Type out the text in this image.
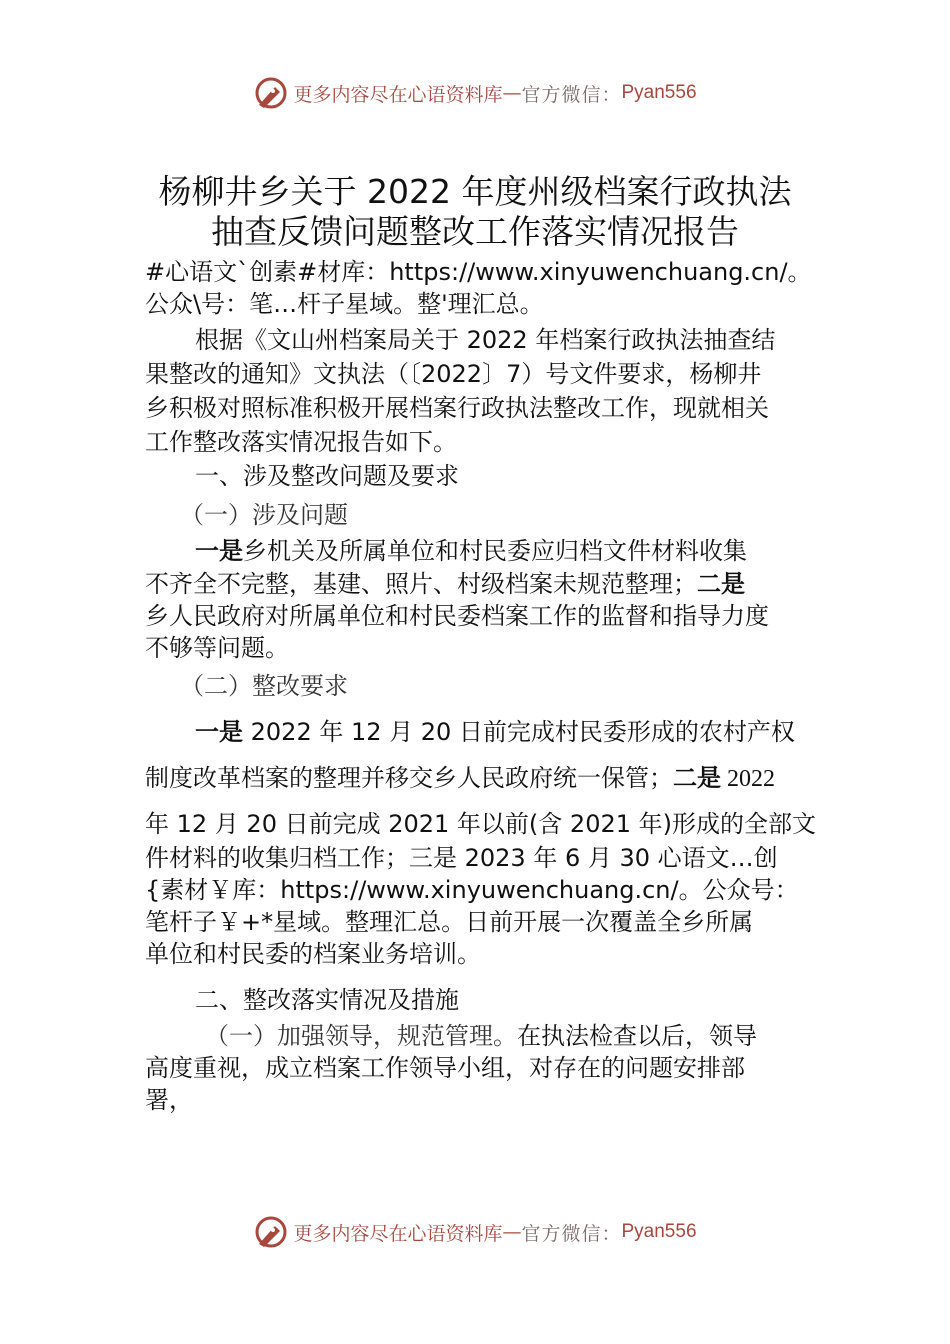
更多内容尽在心语资料库 — 官方微信： Pyan556
杨柳井乡关于 2022 年度州级档案行政执法
抽查反馈问题整改工作落实情况报告
#心语文`创素#材库：https://www.xinyuwenchuang.cn/。
公众\号：笔…杆子星域。整'理汇总。
根据《文山州档案局关于 2022 年档案行政执法抽查结
果整改的通知》文执法（〔2022〕7）号文件要求，杨柳井
乡积极对照标准积极开展档案行政执法整改工作，现就相关
工作整改落实情况报告如下。
一、涉及整改问题及要求
（一）涉及问题
一是乡机关及所属单位和村民委应归档文件材料收集
不齐全不完整，基建、照片、村级档案未规范整理；二是
乡人民政府对所属单位和村民委档案工作的监督和指导力度
不够等问题。
（二）整改要求
一是 2022 年 12 月 20 日前完成村民委形成的农村产权
制度改革档案的整理并移交乡人民政府统一保管；二是 2022
年 12 月 20 日前完成 2021 年以前(含 2021 年)形成的全部文
件材料的收集归档工作；三是 2023 年 6 月 30 心语文…创
{素材￥库：https://www.xinyuwenchuang.cn/。公众号：
笔杆子￥+*星域。整理汇总。日前开展一次覆盖全乡所属
单位和村民委的档案业务培训。
二、整改落实情况及措施
（一）加强领导，规范管理。在执法检查以后，领导
高度重视，成立档案工作领导小组，对存在的问题安排部
署，
更多内容尽在心语资料库 — 官方微信： Pyan556
